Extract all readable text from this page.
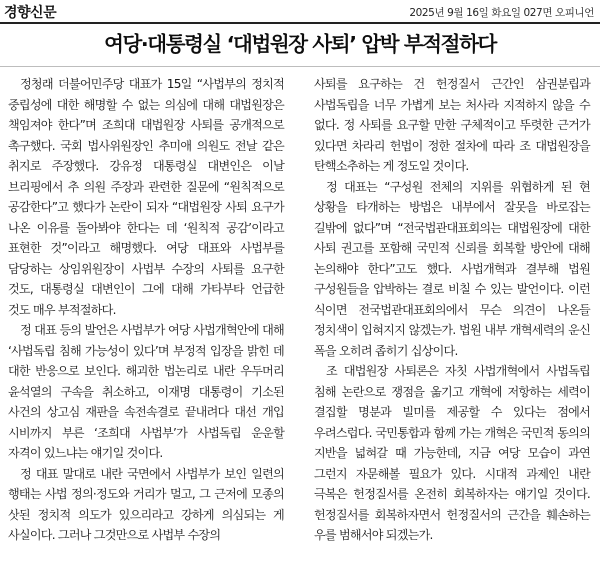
경향신문	2025년 9월 16일 화요일 027면 오피니언
여당·대통령실 ‘대법원장 사퇴’ 압박 부적절하다

정청래 더불어민주당 대표가 15일 “사법부의 정치적 중립성에 대한 해명할 수 없는 의심에 대해 대법원장은 책임져야 한다”며 조희대 대법원장 사퇴를 공개적으로 촉구했다. 국회 법사위원장인 추미애 의원도 전날 같은 취지로 주장했다. 강유정 대통령실 대변인은 이날 브리핑에서 추 의원 주장과 관련한 질문에 “원칙적으로 공감한다”고 했다가 논란이 되자 “대법원장 사퇴 요구가 나온 이유를 돌아봐야 한다는 데 ‘원칙적 공감’이라고 표현한 것”이라고 해명했다. 여당 대표와 사법부를 담당하는 상임위원장이 사법부 수장의 사퇴를 요구한 것도, 대통령실 대변인이 그에 대해 가타부타 언급한 것도 매우 부적절하다.

정 대표 등의 발언은 사법부가 여당 사법개혁안에 대해 ‘사법독립 침해 가능성이 있다’며 부정적 입장을 밝힌 데 대한 반응으로 보인다. 해괴한 법논리로 내란 우두머리 윤석열의 구속을 취소하고, 이재명 대통령이 기소된 사건의 상고심 재판을 속전속결로 끝내려다 대선 개입 시비까지 부른 ‘조희대 사법부’가 사법독립 운운할 자격이 있느냐는 얘기일 것이다.

정 대표 말대로 내란 국면에서 사법부가 보인 일련의 행태는 사법 정의·정도와 거리가 멀고, 그 근저에 모종의 삿된 정치적 의도가 있으리라고 강하게 의심되는 게 사실이다. 그러나 그것만으로 사법부 수장의

사퇴를 요구하는 건 헌정질서 근간인 삼권분립과 사법독립을 너무 가볍게 보는 처사라 지적하지 않을 수 없다. 정 사퇴를 요구할 만한 구체적이고 뚜렷한 근거가 있다면 차라리 헌법이 정한 절차에 따라 조 대법원장을 탄핵소추하는 게 정도일 것이다.

정 대표는 “구성원 전체의 지위를 위협하게 된 현 상황을 타개하는 방법은 내부에서 잘못을 바로잡는 길밖에 없다”며 “전국법관대표회의는 대법원장에 대한 사퇴 권고를 포함해 국민적 신뢰를 회복할 방안에 대해 논의해야 한다”고도 했다. 사법개혁과 결부해 법원 구성원들을 압박하는 결로 비칠 수 있는 발언이다. 이런 식이면 전국법관대표회의에서 무슨 의견이 나온들 정치색이 입혀지지 않겠는가. 법원 내부 개혁세력의 운신 폭을 오히려 좁히기 십상이다.

조 대법원장 사퇴론은 자칫 사법개혁에서 사법독립 침해 논란으로 쟁점을 옮기고 개혁에 저항하는 세력이 결집할 명분과 빌미를 제공할 수 있다는 점에서 우려스럽다. 국민통합과 함께 가는 개혁은 국민적 동의의 지반을 넓혀갈 때 가능한데, 지금 여당 모습이 과연 그런지 자문해볼 필요가 있다. 시대적 과제인 내란 극복은 헌정질서를 온전히 회복하자는 얘기일 것이다. 헌정질서를 회복하자면서 헌정질서의 근간을 훼손하는 우를 범해서야 되겠는가.
